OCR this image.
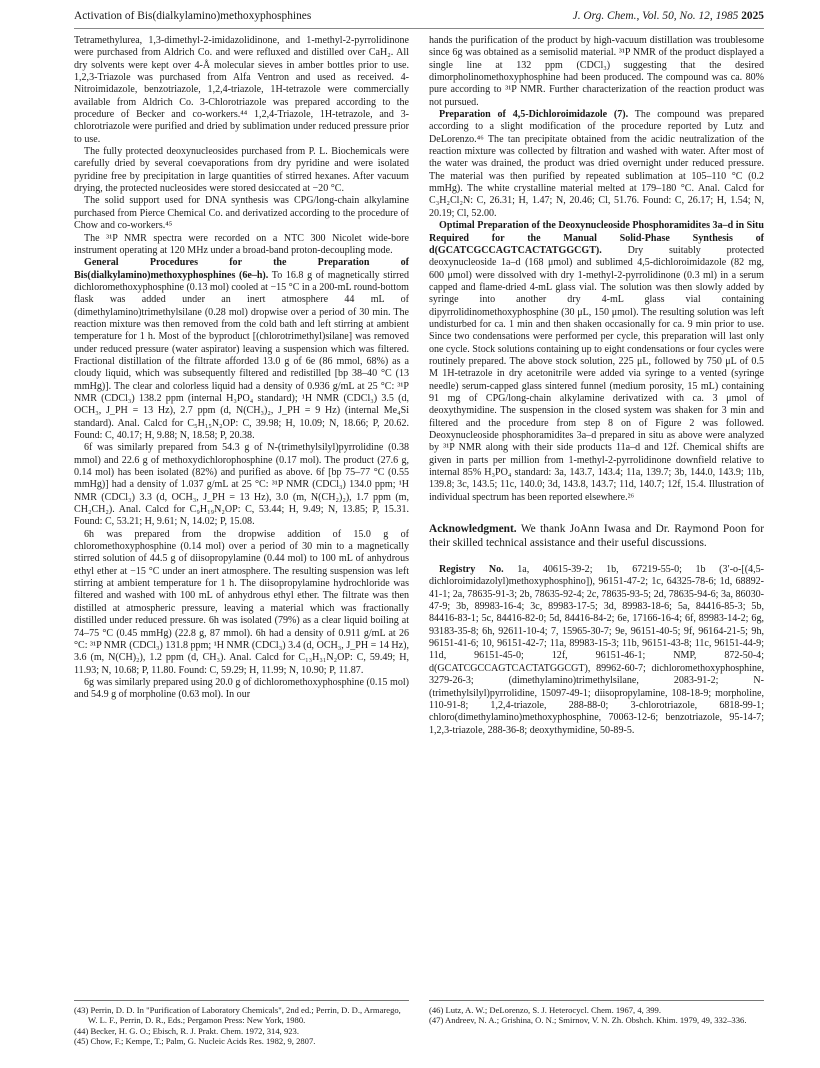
Activation of Bis(dialkylamino)methoxyphosphines	J. Org. Chem., Vol. 50, No. 12, 1985 2025

Tetramethylurea, 1,3-dimethyl-2-imidazolidinone, and 1-methyl-2-pyrrolidinone were purchased from Aldrich Co. and were refluxed and distilled over CaH₂. All dry solvents were kept over 4-Å molecular sieves in amber bottles prior to use. 1,2,3-Triazole was purchased from Alfa Ventron and used as received. 4-Nitroimidazole, benzotriazole, 1,2,4-triazole, 1H-tetrazole were commercially available from Aldrich Co. 3-Chlorotriazole was prepared according to the procedure of Becker and co-workers.⁴⁴ 1,2,4-Triazole, 1H-tetrazole, and 3-chlorotriazole were purified and dried by sublimation under reduced pressure prior to use.

The fully protected deoxynucleosides purchased from P. L. Biochemicals were carefully dried by several coevaporations from dry pyridine and were isolated pyridine free by precipitation in large quantities of stirred hexanes. After vacuum drying, the protected nucleosides were stored desiccated at −20 °C.

The solid support used for DNA synthesis was CPG/long-chain alkylamine purchased from Pierce Chemical Co. and derivatized according to the procedure of Chow and co-workers.⁴⁵

The ³¹P NMR spectra were recorded on a NTC 300 Nicolet wide-bore instrument operating at 120 MHz under a broad-band proton-decoupling mode.

General Procedures for the Preparation of Bis(dialkylamino)methoxyphosphines (6e–h). To 16.8 g of magnetically stirred dichloromethoxyphosphine (0.13 mol) cooled at −15 °C in a 200-mL round-bottom flask was added under an inert atmosphere 44 mL of (dimethylamino)trimethylsilane (0.28 mol) dropwise over a period of 30 min. The reaction mixture was then removed from the cold bath and left stirring at ambient temperature for 1 h. Most of the byproduct [(chlorotrimethyl)silane] was removed under reduced pressure (water aspirator) leaving a suspension which was filtered. Fractional distillation of the filtrate afforded 13.0 g of 6e (86 mmol, 68%) as a cloudy liquid, which was subsequently filtered and redistilled [bp 38–40 °C (13 mmHg)]. The clear and colorless liquid had a density of 0.936 g/mL at 25 °C: ³¹P NMR (CDCl₃) 138.2 ppm (internal H₃PO₄ standard); ¹H NMR (CDCl₃) 3.5 (d, OCH₃, J_PH = 13 Hz), 2.7 ppm (d, N(CH₃)₂, J_PH = 9 Hz) (internal Me₄Si standard). Anal. Calcd for C₅H₁₅N₂OP: C, 39.98; H, 10.09; N, 18.66; P, 20.62. Found: C, 40.17; H, 9.88; N, 18.58; P, 20.38.

6f was similarly prepared from 54.3 g of N-(trimethylsilyl)pyrrolidine (0.38 mmol) and 22.6 g of methoxydichlorophosphine (0.17 mol). The product (27.6 g, 0.14 mol) has been isolated (82%) and purified as above. 6f [bp 75–77 °C (0.55 mmHg)] had a density of 1.037 g/mL at 25 °C: ³¹P NMR (CDCl₃) 134.0 ppm; ¹H NMR (CDCl₃) 3.3 (d, OCH₃, J_PH = 13 Hz), 3.0 (m, N(CH₂)₂), 1.7 ppm (m, CH₂CH₂). Anal. Calcd for C₉H₁₉N₂OP: C, 53.44; H, 9.49; N, 13.85; P, 15.31. Found: C, 53.21; H, 9.61; N, 14.02; P, 15.08.

6h was prepared from the dropwise addition of 15.0 g of chloromethoxyphosphine (0.14 mol) over a period of 30 min to a magnetically stirred solution of 44.5 g of diisopropylamine (0.44 mol) to 100 mL of anhydrous ethyl ether at −15 °C under an inert atmosphere. The resulting suspension was left stirring at ambient temperature for 1 h. The diisopropylamine hydrochloride was filtered and washed with 100 mL of anhydrous ethyl ether. The filtrate was then distilled at atmospheric pressure, leaving a material which was fractionally distilled under reduced pressure. 6h was isolated (79%) as a clear liquid boiling at 74–75 °C (0.45 mmHg) (22.8 g, 87 mmol). 6h had a density of 0.911 g/mL at 26 °C: ³¹P NMR (CDCl₃) 131.8 ppm; ¹H NMR (CDCl₃) 3.4 (d, OCH₃, J_PH = 14 Hz), 3.6 (m, N(CH)₂), 1.2 ppm (d, CH₃). Anal. Calcd for C₁₃H₃₁N₂OP: C, 59.49; H, 11.93; N, 10.68; P, 11.80. Found: C, 59.29; H, 11.99; N, 10.90; P, 11.87.

6g was similarly prepared using 20.0 g of dichloromethoxyphosphine (0.15 mol) and 54.9 g of morpholine (0.63 mol). In our

hands the purification of the product by high-vacuum distillation was troublesome since 6g was obtained as a semisolid material. ³¹P NMR of the product displayed a single line at 132 ppm (CDCl₃) suggesting that the desired dimorpholinomethoxyphosphine had been produced. The compound was ca. 80% pure according to ³¹P NMR. Further characterization of the reaction product was not pursued.

Preparation of 4,5-Dichloroimidazole (7). The compound was prepared according to a slight modification of the procedure reported by Lutz and DeLorenzo.⁴⁶ The tan precipitate obtained from the acidic neutralization of the reaction mixture was collected by filtration and washed with water. After most of the water was drained, the product was dried overnight under reduced pressure. The material was then purified by repeated sublimation at 105–110 °C (0.2 mmHg). The white crystalline material melted at 179–180 °C. Anal. Calcd for C₃H₂Cl₂N: C, 26.31; H, 1.47; N, 20.46; Cl, 51.76. Found: C, 26.17; H, 1.54; N, 20.19; Cl, 52.00.

Optimal Preparation of the Deoxynucleoside Phosphoramidites 3a–d in Situ Required for the Manual Solid-Phase Synthesis of d(GCATCGCCAGTCACTATGGCGT). Dry suitably protected deoxynucleoside 1a–d (168 μmol) and sublimed 4,5-dichloroimidazole (82 mg, 600 μmol) were dissolved with dry 1-methyl-2-pyrrolidinone (0.3 ml) in a serum capped and flame-dried 4-mL glass vial. The solution was then slowly added by syringe into another dry 4-mL glass vial containing dipyrrolidinomethoxyphosphine (30 μL, 150 μmol). The resulting solution was left undisturbed for ca. 1 min and then shaken occasionally for ca. 9 min prior to use. Since two condensations were performed per cycle, this preparation will last only one cycle. Stock solutions containing up to eight condensations or four cycles were routinely prepared. The above stock solution, 225 μL, followed by 750 μL of 0.5 M 1H-tetrazole in dry acetonitrile were added via syringe to a vented (syringe needle) serum-capped glass sintered funnel (medium porosity, 15 mL) containing 91 mg of CPG/long-chain alkylamine derivatized with ca. 3 μmol of deoxythymidine. The suspension in the closed system was shaken for 3 min and filtered and the procedure from step 8 on of Figure 2 was followed. Deoxynucleoside phosphoramidites 3a–d prepared in situ as above were analyzed by ³¹P NMR along with their side products 11a–d and 12f. Chemical shifts are given in parts per million from 1-methyl-2-pyrrolidinone downfield relative to internal 85% H₃PO₄ standard: 3a, 143.7, 143.4; 11a, 139.7; 3b, 144.0, 143.9; 11b, 139.8; 3c, 143.5; 11c, 140.0; 3d, 143.8, 143.7; 11d, 140.7; 12f, 15.4. Illustration of individual spectrum has been reported elsewhere.²⁶

Acknowledgment. We thank JoAnn Iwasa and Dr. Raymond Poon for their skilled technical assistance and their useful discussions.

Registry No. 1a, 40615-39-2; 1b, 67219-55-0; 1b (3′-o-[(4,5-dichloroimidazolyl)methoxyphosphino]), 96151-47-2; 1c, 64325-78-6; 1d, 68892-41-1; 2a, 78635-91-3; 2b, 78635-92-4; 2c, 78635-93-5; 2d, 78635-94-6; 3a, 86030-47-9; 3b, 89983-16-4; 3c, 89983-17-5; 3d, 89983-18-6; 5a, 84416-85-3; 5b, 84416-83-1; 5c, 84416-82-0; 5d, 84416-84-2; 6e, 17166-16-4; 6f, 89983-14-2; 6g, 93183-35-8; 6h, 92611-10-4; 7, 15965-30-7; 9e, 96151-40-5; 9f, 96164-21-5; 9h, 96151-41-6; 10, 96151-42-7; 11a, 89983-15-3; 11b, 96151-43-8; 11c, 96151-44-9; 11d, 96151-45-0; 12f, 96151-46-1; NMP, 872-50-4; d(GCATCGCCAGTCACTATGGCGT), 89962-60-7; dichloromethoxyphosphine, 3279-26-3; (dimethylamino)trimethylsilane, 2083-91-2; N-(trimethylsilyl)pyrrolidine, 15097-49-1; diisopropylamine, 108-18-9; morpholine, 110-91-8; 1,2,4-triazole, 288-88-0; 3-chlorotriazole, 6818-99-1; chloro(dimethylamino)methoxyphosphine, 70063-12-6; benzotriazole, 95-14-7; 1,2,3-triazole, 288-36-8; deoxythymidine, 50-89-5.

(43) Perrin, D. D. In "Purification of Laboratory Chemicals", 2nd ed.; Perrin, D. D., Armarego, W. L. F., Perrin, D. R., Eds.; Pergamon Press: New York, 1980.

(44) Becker, H. G. O.; Ebisch, R. J. Prakt. Chem. 1972, 314, 923.

(45) Chow, F.; Kempe, T.; Palm, G. Nucleic Acids Res. 1982, 9, 2807.

(46) Lutz, A. W.; DeLorenzo, S. J. Heterocycl. Chem. 1967, 4, 399.

(47) Andreev, N. A.; Grishina, O. N.; Smirnov, V. N. Zh. Obshch. Khim. 1979, 49, 332–336.
